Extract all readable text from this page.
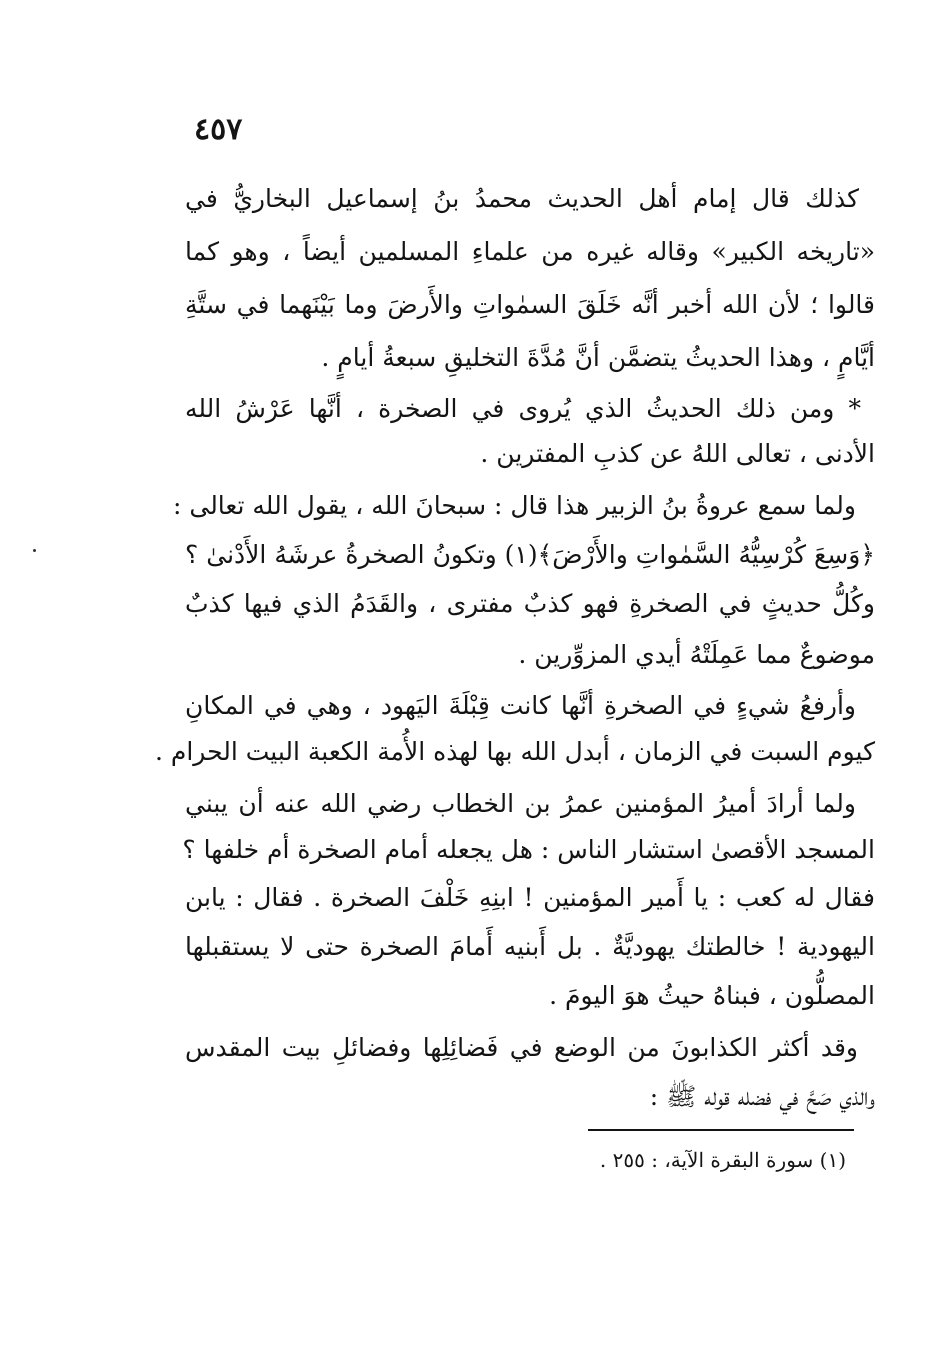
٤٥٧
كذلك قال إمام أهل الحديث محمدُ بنُ إسماعيل البخاريُّ في
«تاريخه الكبير» وقاله غيره من علماءِ المسلمين أيضاً ، وهو كما
قالوا ؛ لأن الله أخبر أنَّه خَلَقَ السمٰواتِ والأَرضَ وما بَيْنَهما في ستَّةِ
أيَّامٍ ، وهذا الحديثُ يتضمَّن أنَّ مُدَّةَ التخليقِ سبعةُ أيامٍ .
* ومن ذلك الحديثُ الذي يُروى في الصخرة ، أنَّها عَرْشُ الله
الأدنى ، تعالى اللهُ عن كذبِ المفترين .
ولما سمع عروةُ بنُ الزبير هذا قال : سبحانَ الله ، يقول الله تعالى :
﴿وَسِعَ كُرْسِيُّهُ السَّمٰواتِ والأَرْضَ﴾(١) وتكونُ الصخرةُ عرشَهُ الأَدْنىٰ ؟
وكُلُّ حديثٍ في الصخرةِ فهو كذبٌ مفترى ، والقَدَمُ الذي فيها كذبٌ
موضوعٌ مما عَمِلَتْهُ أيدي المزوِّرين .
وأرفعُ شيءٍ في الصخرةِ أنَّها كانت قِبْلَةَ اليَهود ، وهي في المكانِ
كيوم السبت في الزمان ، أبدل الله بها لهذه الأُمة الكعبة البيت الحرام .
ولما أرادَ أميرُ المؤمنين عمرُ بن الخطاب رضي الله عنه أن يبني
المسجد الأقصىٰ استشار الناس : هل يجعله أمام الصخرة أم خلفها ؟
فقال له كعب : يا أَمير المؤمنين ! ابنِهِ خَلْفَ الصخرة . فقال : يابن
اليهودية ! خالطتك يهوديَّةٌ . بل أَبنيه أَمامَ الصخرة حتى لا يستقبلها
المصلُّون ، فبناهُ حيثُ هوَ اليومَ .
وقد أكثر الكذابونَ من الوضع في فَضائِلِها وفضائلِ بيت المقدس
والذي صَحَّ في فضله قوله ﷺ :
(١) سورة البقرة الآية، : ٢٥٥ .
